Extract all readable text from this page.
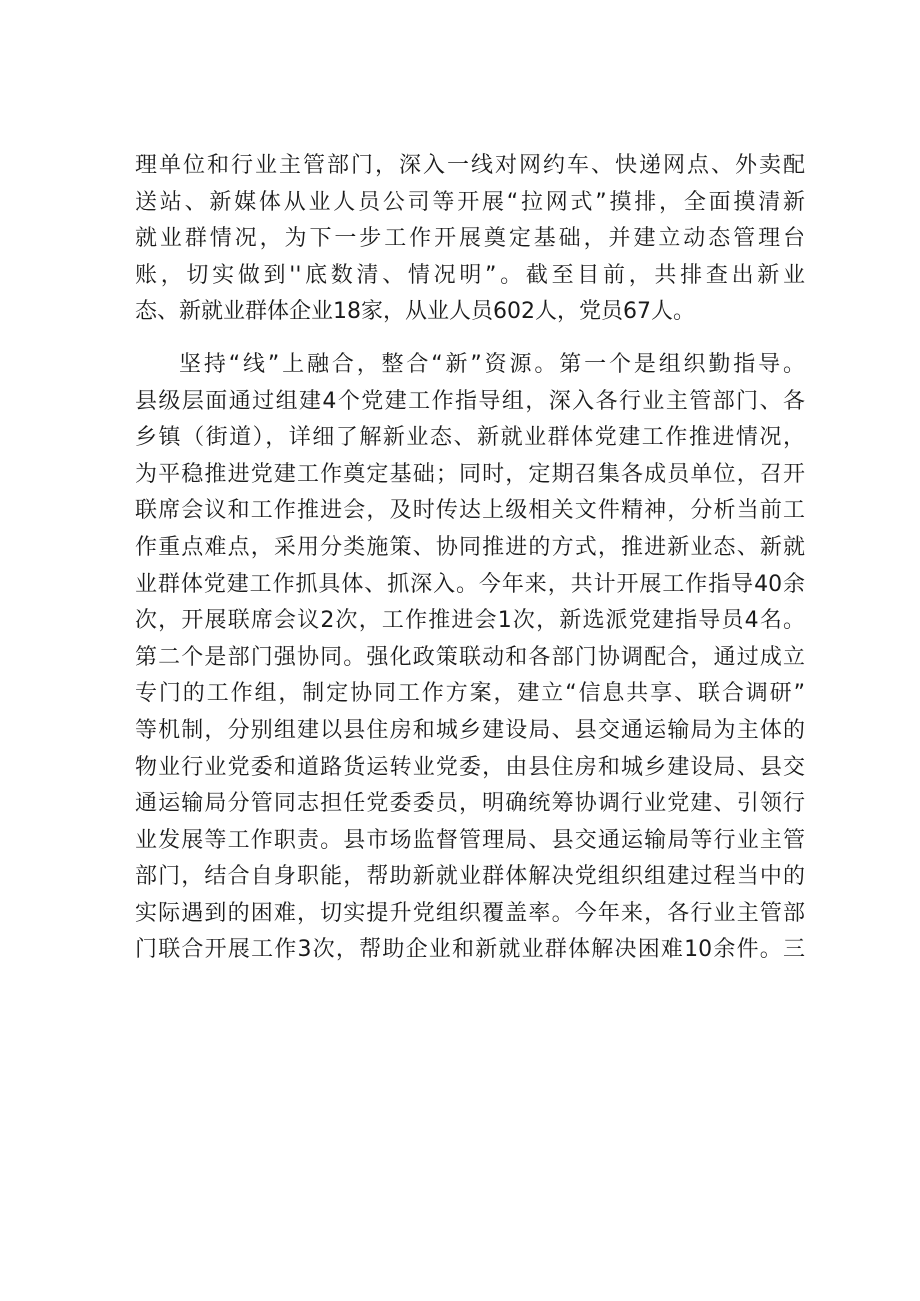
理单位和行业主管部门，深入一线对网约车、快递网点、外卖配
送站、新媒体从业人员公司等开展“拉网式”摸排，全面摸清新
就业群情况，为下一步工作开展奠定基础，并建立动态管理台
账，切实做到''底数清、情况明”。截至目前，共排查出新业
态、新就业群体企业18家，从业人员602人，党员67人。
坚持“线”上融合，整合“新”资源。第一个是组织勤指导。
县级层面通过组建4个党建工作指导组，深入各行业主管部门、各
乡镇（街道），详细了解新业态、新就业群体党建工作推进情况，
为平稳推进党建工作奠定基础；同时，定期召集各成员单位，召开
联席会议和工作推进会，及时传达上级相关文件精神，分析当前工
作重点难点，采用分类施策、协同推进的方式，推进新业态、新就
业群体党建工作抓具体、抓深入。今年来，共计开展工作指导40余
次，开展联席会议2次，工作推进会1次，新选派党建指导员4名。
第二个是部门强协同。强化政策联动和各部门协调配合，通过成立
专门的工作组，制定协同工作方案，建立“信息共享、联合调研”
等机制，分别组建以县住房和城乡建设局、县交通运输局为主体的
物业行业党委和道路货运转业党委，由县住房和城乡建设局、县交
通运输局分管同志担任党委委员，明确统筹协调行业党建、引领行
业发展等工作职责。县市场监督管理局、县交通运输局等行业主管
部门，结合自身职能，帮助新就业群体解决党组织组建过程当中的
实际遇到的困难，切实提升党组织覆盖率。今年来，各行业主管部
门联合开展工作3次，帮助企业和新就业群体解决困难10余件。三
